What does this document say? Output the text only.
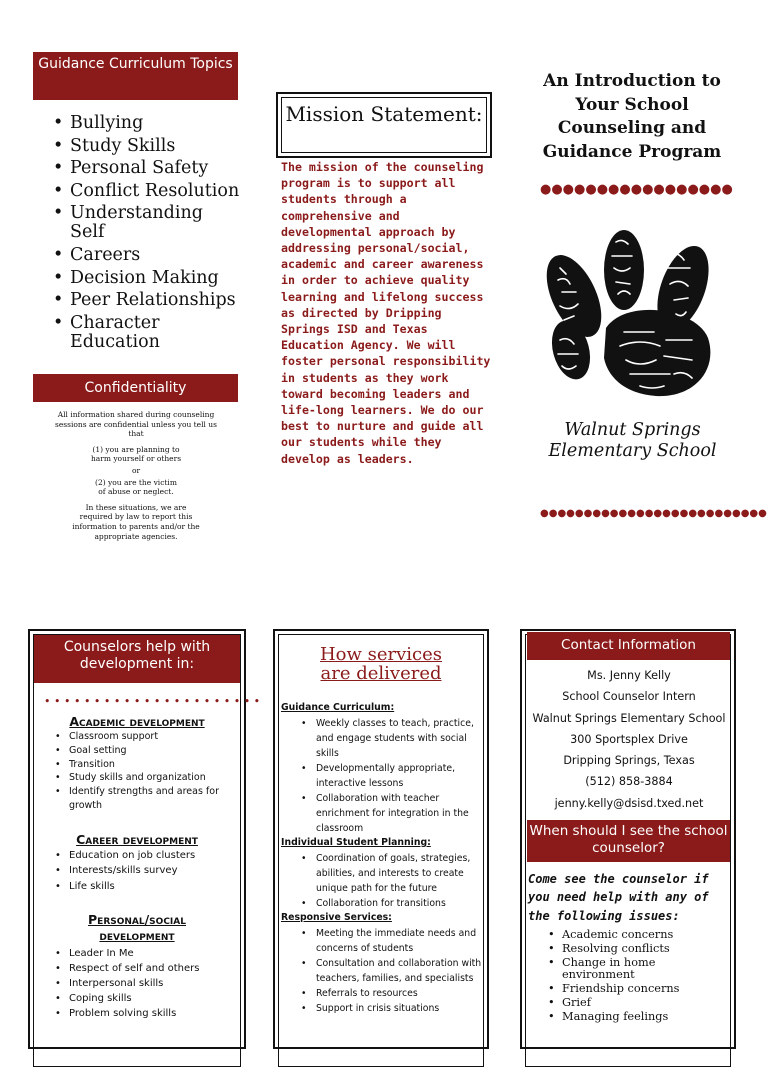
Guidance Curriculum Topics
• Bullying
• Study Skills
• Personal Safety
• Conflict Resolution
• Understanding Self
• Careers
• Decision Making
• Peer Relationships
• Character Education
Confidentiality

All information shared during counseling sessions are confidential unless you tell us that

(1) you are planning to harm yourself or others

or

(2) you are the victim of abuse or neglect.

In these situations, we are required by law to report this information to parents and/or the appropriate agencies.

Mission Statement:
The mission of the counseling program is to support all students through a comprehensive and developmental approach by addressing personal/social, academic and career awareness in order to achieve quality learning and lifelong success as directed by Dripping Springs ISD and Texas Education Agency. We will foster personal responsibility in students as they work toward becoming leaders and life-long learners. We do our best to nurture and guide all our students while they develop as leaders.
An Introduction to Your School Counseling and Guidance Program
●●●●●●●●●●●●●●●●●
Walnut Springs Elementary School
●●●●●●●●●●●●●●●●●●●●●●●●●●
Counselors help with development in:
• • • • • • • • • • • • • • • • • • • • • •
Academic development
• Classroom support
• Goal setting
• Transition
• Study skills and organization
• Identify strengths and areas for growth
Career development
• Education on job clusters
• Interests/skills survey
• Life skills
Personal/social development
• Leader In Me
• Respect of self and others
• Interpersonal skills
• Coping skills
• Problem solving skills
How services are delivered
Guidance Curriculum:
• Weekly classes to teach, practice, and engage students with social skills
• Developmentally appropriate, interactive lessons
• Collaboration with teacher enrichment for integration in the classroom
Individual Student Planning:
• Coordination of goals, strategies, abilities, and interests to create unique path for the future
• Collaboration for transitions
Responsive Services:
• Meeting the immediate needs and concerns of students
• Consultation and collaboration with teachers, families, and specialists
• Referrals to resources
• Support in crisis situations
Contact Information
Ms. Jenny Kelly
School Counselor Intern
Walnut Springs Elementary School
300 Sportsplex Drive
Dripping Springs, Texas
(512) 858-3884
jenny.kelly@dsisd.txed.net
When should I see the school counselor?
Come see the counselor if you need help with any of the following issues:
• Academic concerns
• Resolving conflicts
• Change in home environment
• Friendship concerns
• Grief
• Managing feelings
